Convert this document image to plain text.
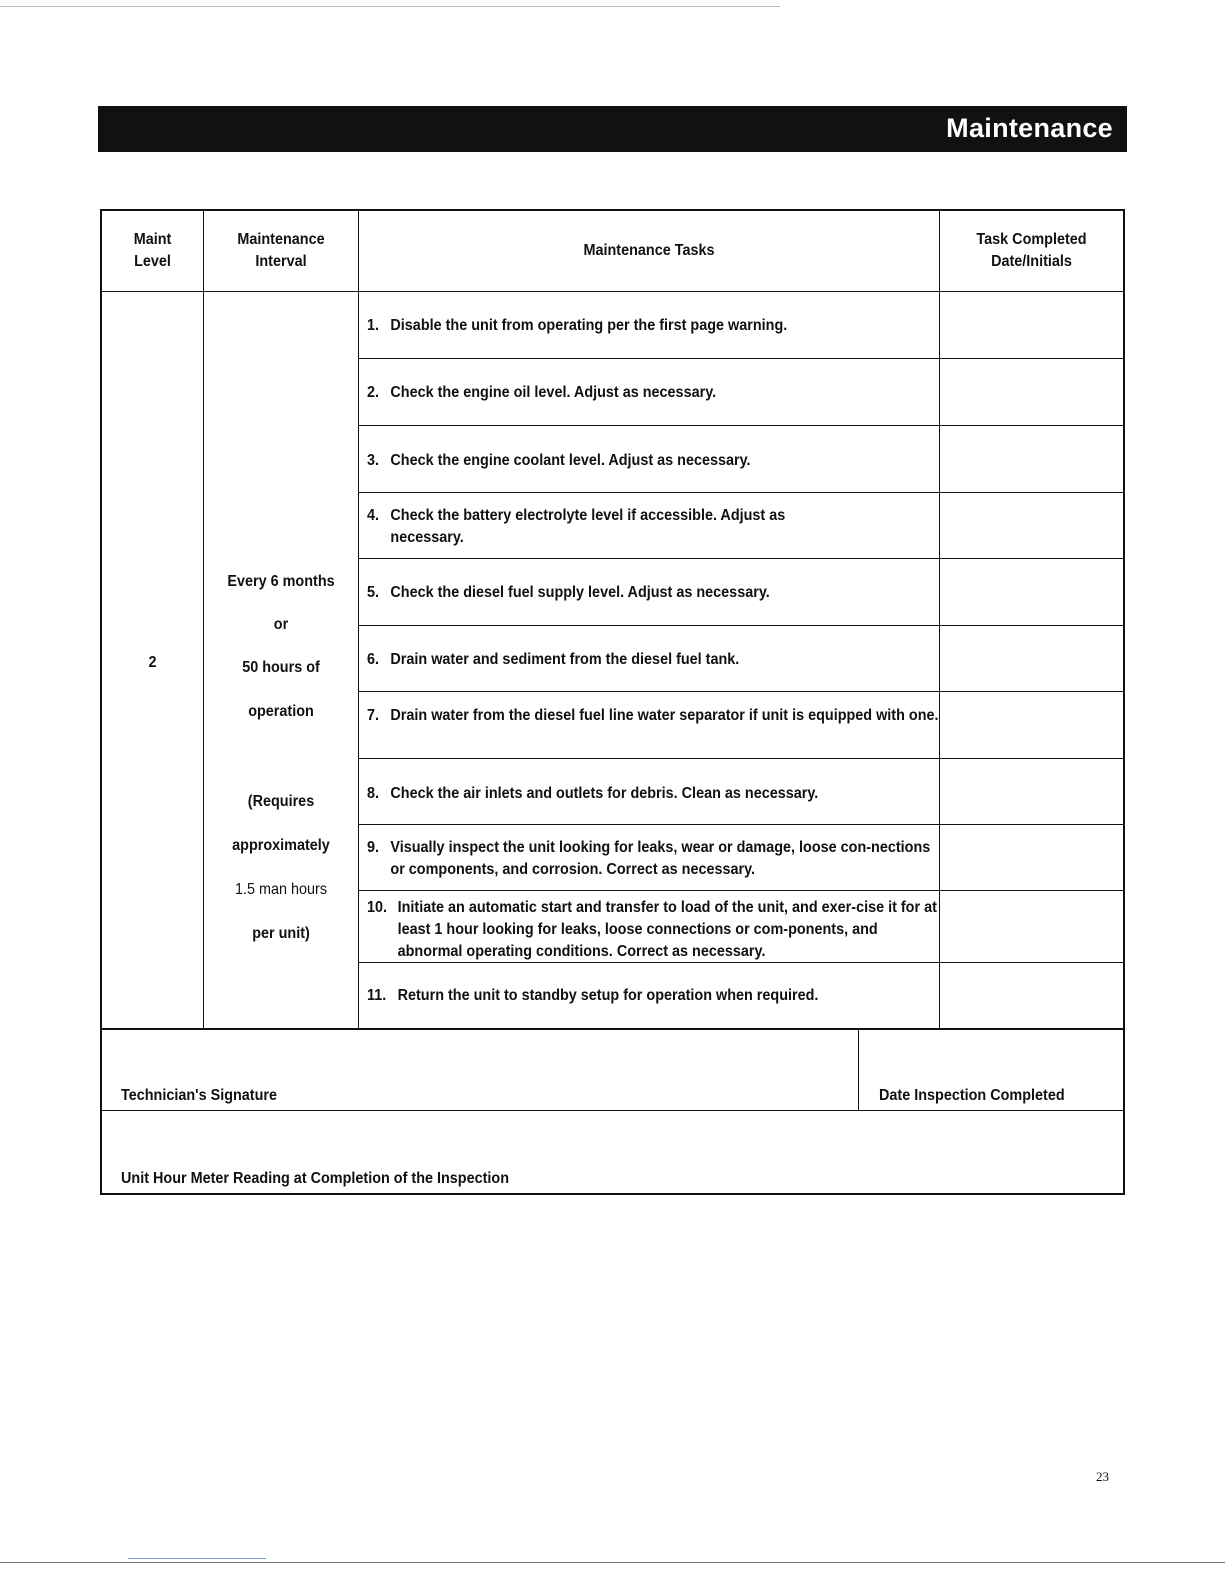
Maintenance
Maint
Level
Maintenance
Interval
Maintenance Tasks
Task Completed
Date/Initials
2

Every 6 months

or

50 hours of

operation

(Requires

approximately

1.5 man hours

per unit)

1. Disable the unit from operating per the first page warning.
2. Check the engine oil level. Adjust as necessary.
3. Check the engine coolant level. Adjust as necessary.
4. Check the battery electrolyte level if accessible. Adjust as necessary.
5. Check the diesel fuel supply level. Adjust as necessary.
6. Drain water and sediment from the diesel fuel tank.
7. Drain water from the diesel fuel line water separator if unit is equipped with one.
8. Check the air inlets and outlets for debris. Clean as necessary.
9. Visually inspect the unit looking for leaks, wear or damage, loose con-nections or components, and corrosion. Correct as necessary.
10. Initiate an automatic start and transfer to load of the unit, and exer-cise it for at least 1 hour looking for leaks, loose connections or com-ponents, and abnormal operating conditions. Correct as necessary.
11. Return the unit to standby setup for operation when required.
Technician's Signature	Date Inspection Completed
Unit Hour Meter Reading at Completion of the Inspection
23
